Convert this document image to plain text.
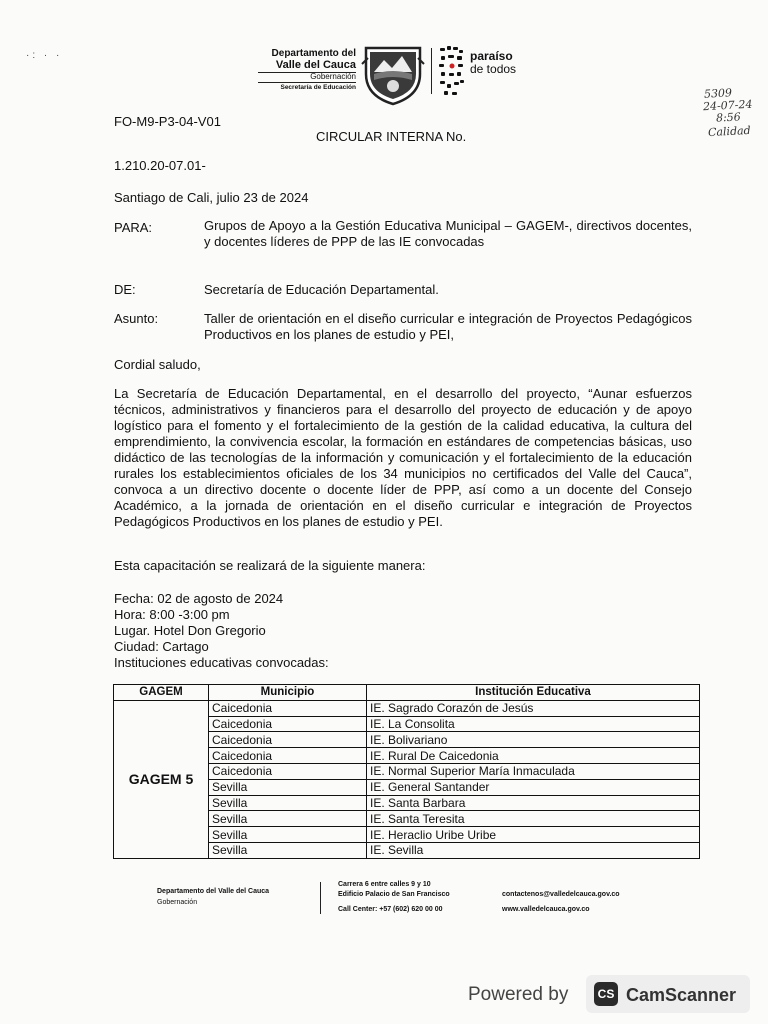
·: · ·	Departamento del
Valle del Cauca
Gobernación
Secretaría de Educación
paraíso
de todos
5309
24-07-24
8:56
Calidad
FO-M9-P3-04-V01
CIRCULAR INTERNA No.
1.210.20-07.01-
Santiago de Cali, julio 23 de 2024
PARA:	Grupos de Apoyo a la Gestión Educativa Municipal – GAGEM-, directivos docentes, y docentes líderes de PPP de las IE convocadas
DE:	Secretaría de Educación Departamental.
Asunto:	Taller de orientación en el diseño curricular e integración de Proyectos Pedagógicos Productivos en los planes de estudio y PEI,
Cordial saludo,
La Secretaría de Educación Departamental, en el desarrollo del proyecto, “Aunar esfuerzos técnicos, administrativos y financieros para el desarrollo del proyecto de educación y de apoyo logístico para el fomento y el fortalecimiento de la gestión de la calidad educativa, la cultura del emprendimiento, la convivencia escolar, la formación en estándares de competencias básicas, uso didáctico de las tecnologías de la información y comunicación y el fortalecimiento de la educación rurales los establecimientos oficiales de los 34 municipios no certificados del Valle del Cauca”, convoca a un directivo docente o docente líder de PPP, así como a un docente del Consejo Académico, a la jornada de orientación en el diseño curricular e integración de Proyectos Pedagógicos Productivos en los planes de estudio y PEI.
Esta capacitación se realizará de la siguiente manera:
Fecha: 02 de agosto de 2024
Hora: 8:00 -3:00 pm
Lugar. Hotel Don Gregorio
Ciudad: Cartago
Instituciones educativas convocadas:
GAGEM	Municipio	Institución Educativa
GAGEM 5	Caicedonia	IE. Sagrado Corazón de Jesús
	Caicedonia	IE. La Consolita
	Caicedonia	IE. Bolivariano
	Caicedonia	IE. Rural De Caicedonia
	Caicedonia	IE. Normal Superior María Inmaculada
	Sevilla	IE. General Santander
	Sevilla	IE. Santa Barbara
	Sevilla	IE. Santa Teresita
	Sevilla	IE. Heraclio Uribe Uribe
	Sevilla	IE. Sevilla
Departamento del Valle del Cauca
Gobernación
Carrera 6 entre calles 9 y 10
Edificio Palacio de San Francisco
Call Center: +57 (602) 620 00 00
contactenos@valledelcauca.gov.co
www.valledelcauca.gov.co
Powered by	CS CamScanner
